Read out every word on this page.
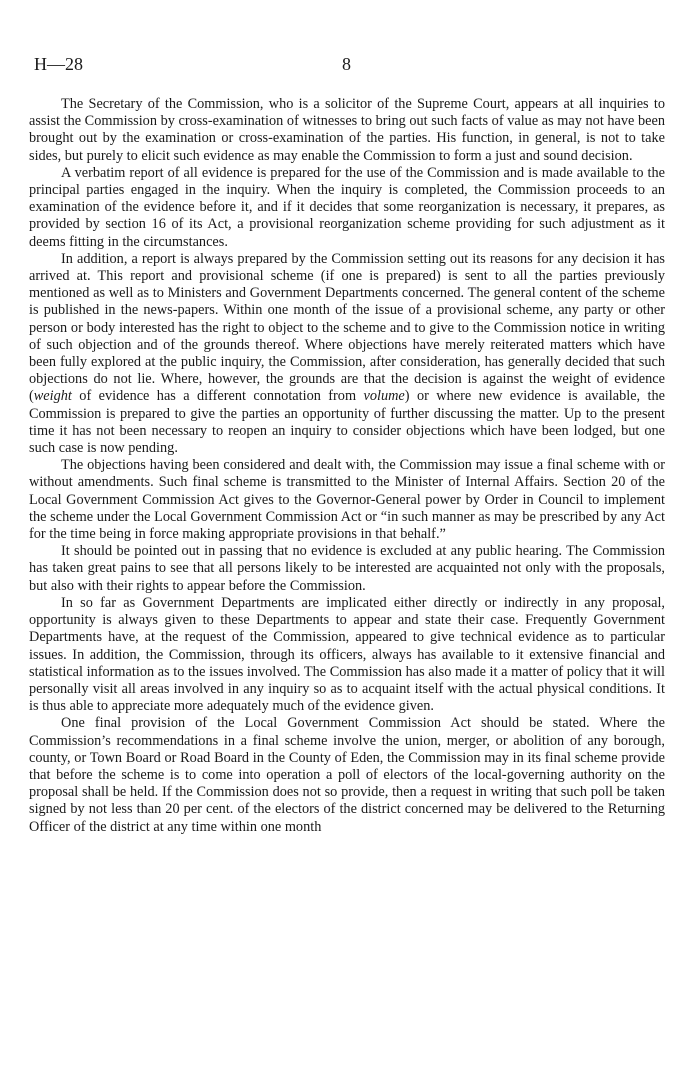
H—28	8

The Secretary of the Commission, who is a solicitor of the Supreme Court, appears at all inquiries to assist the Commission by cross-examination of witnesses to bring out such facts of value as may not have been brought out by the examination or cross-examination of the parties. His function, in general, is not to take sides, but purely to elicit such evidence as may enable the Commission to form a just and sound decision.

A verbatim report of all evidence is prepared for the use of the Commission and is made available to the principal parties engaged in the inquiry. When the inquiry is completed, the Commission proceeds to an examination of the evidence before it, and if it decides that some reorganization is necessary, it prepares, as provided by section 16 of its Act, a provisional reorganization scheme providing for such adjustment as it deems fitting in the circumstances.

In addition, a report is always prepared by the Commission setting out its reasons for any decision it has arrived at. This report and provisional scheme (if one is prepared) is sent to all the parties previously mentioned as well as to Ministers and Government Departments concerned. The general content of the scheme is published in the news-papers. Within one month of the issue of a provisional scheme, any party or other person or body interested has the right to object to the scheme and to give to the Commission notice in writing of such objection and of the grounds thereof. Where objections have merely reiterated matters which have been fully explored at the public inquiry, the Commission, after consideration, has generally decided that such objections do not lie. Where, however, the grounds are that the decision is against the weight of evidence (weight of evidence has a different connotation from volume) or where new evidence is available, the Commission is prepared to give the parties an opportunity of further discussing the matter. Up to the present time it has not been necessary to reopen an inquiry to consider objections which have been lodged, but one such case is now pending.

The objections having been considered and dealt with, the Commission may issue a final scheme with or without amendments. Such final scheme is transmitted to the Minister of Internal Affairs. Section 20 of the Local Government Commission Act gives to the Governor-General power by Order in Council to implement the scheme under the Local Government Commission Act or “in such manner as may be prescribed by any Act for the time being in force making appropriate provisions in that behalf.”

It should be pointed out in passing that no evidence is excluded at any public hearing. The Commission has taken great pains to see that all persons likely to be interested are acquainted not only with the proposals, but also with their rights to appear before the Commission.

In so far as Government Departments are implicated either directly or indirectly in any proposal, opportunity is always given to these Departments to appear and state their case. Frequently Government Departments have, at the request of the Commission, appeared to give technical evidence as to particular issues. In addition, the Commission, through its officers, always has available to it extensive financial and statistical information as to the issues involved. The Commission has also made it a matter of policy that it will personally visit all areas involved in any inquiry so as to acquaint itself with the actual physical conditions. It is thus able to appreciate more adequately much of the evidence given.

One final provision of the Local Government Commission Act should be stated. Where the Commission’s recommendations in a final scheme involve the union, merger, or abolition of any borough, county, or Town Board or Road Board in the County of Eden, the Commission may in its final scheme provide that before the scheme is to come into operation a poll of electors of the local-governing authority on the proposal shall be held. If the Commission does not so provide, then a request in writing that such poll be taken signed by not less than 20 per cent. of the electors of the district concerned may be delivered to the Returning Officer of the district at any time within one month
